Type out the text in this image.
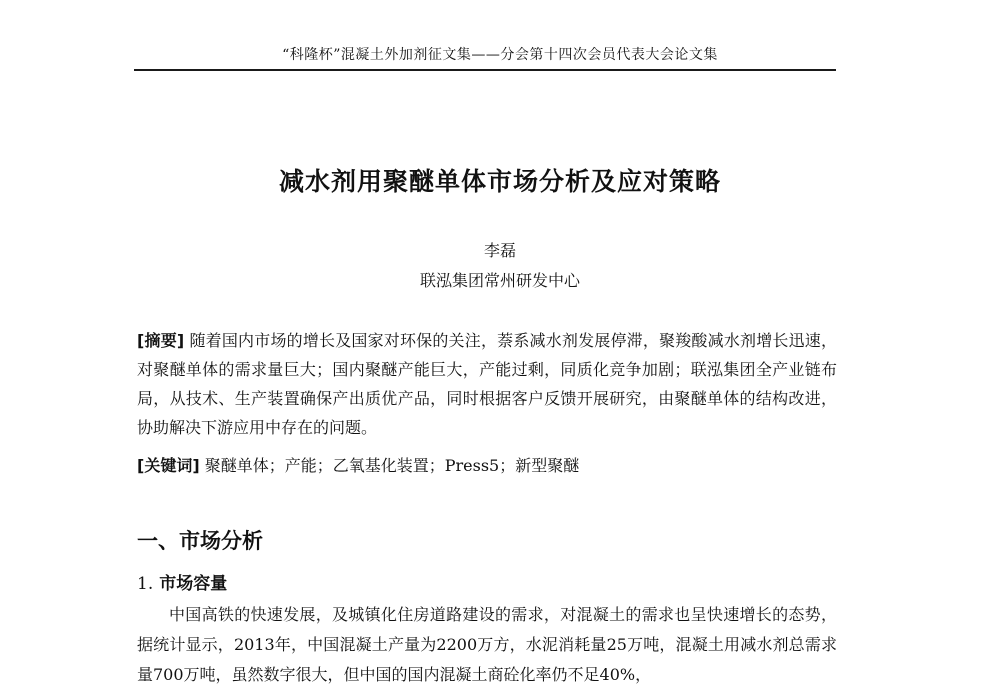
“科隆杯”混凝土外加剂征文集——分会第十四次会员代表大会论文集
减水剂用聚醚单体市场分析及应对策略
李磊
联泓集团常州研发中心
[摘要] 随着国内市场的增长及国家对环保的关注，萘系减水剂发展停滞，聚羧酸减水剂增长迅速，对聚醚单体的需求量巨大；国内聚醚产能巨大，产能过剩，同质化竞争加剧；联泓集团全产业链布局，从技术、生产装置确保产出质优产品，同时根据客户反馈开展研究，由聚醚单体的结构改进，协助解决下游应用中存在的问题。
[关键词] 聚醚单体；产能；乙氧基化装置；Press5；新型聚醚
一、市场分析
1. 市场容量
中国高铁的快速发展，及城镇化住房道路建设的需求，对混凝土的需求也呈快速增长的态势，据统计显示，2013年，中国混凝土产量为2200万方，水泥消耗量25万吨，混凝土用减水剂总需求量700万吨，虽然数字很大，但中国的国内混凝土商砼化率仍不足40%，
